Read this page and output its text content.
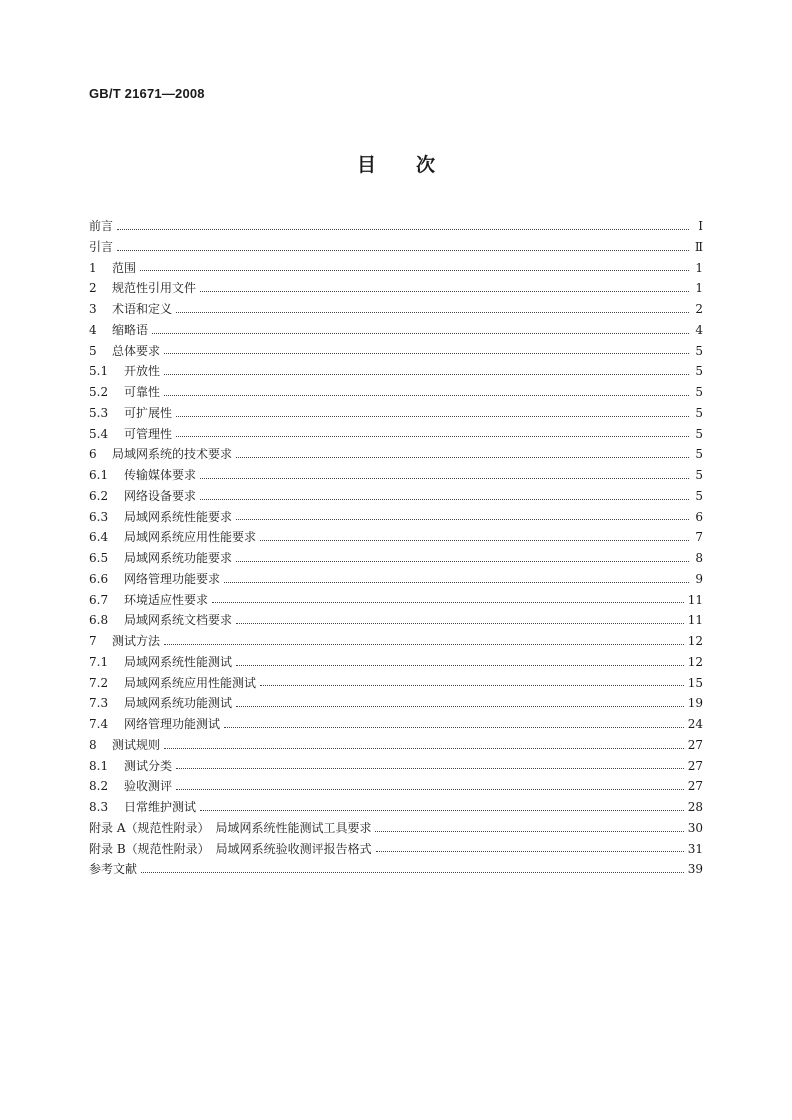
GB/T 21671—2008
目次
前言	Ⅰ
引言	Ⅱ
1 范围	1
2 规范性引用文件	1
3 术语和定义	2
4 缩略语	4
5 总体要求	5
5.1 开放性	5
5.2 可靠性	5
5.3 可扩展性	5
5.4 可管理性	5
6 局域网系统的技术要求	5
6.1 传输媒体要求	5
6.2 网络设备要求	5
6.3 局域网系统性能要求	6
6.4 局域网系统应用性能要求	7
6.5 局域网系统功能要求	8
6.6 网络管理功能要求	9
6.7 环境适应性要求	11
6.8 局域网系统文档要求	11
7 测试方法	12
7.1 局域网系统性能测试	12
7.2 局域网系统应用性能测试	15
7.3 局域网系统功能测试	19
7.4 网络管理功能测试	24
8 测试规则	27
8.1 测试分类	27
8.2 验收测评	27
8.3 日常维护测试	28
附录 A（规范性附录）　局域网系统性能测试工具要求	30
附录 B（规范性附录）　局域网系统验收测评报告格式	31
参考文献	39
